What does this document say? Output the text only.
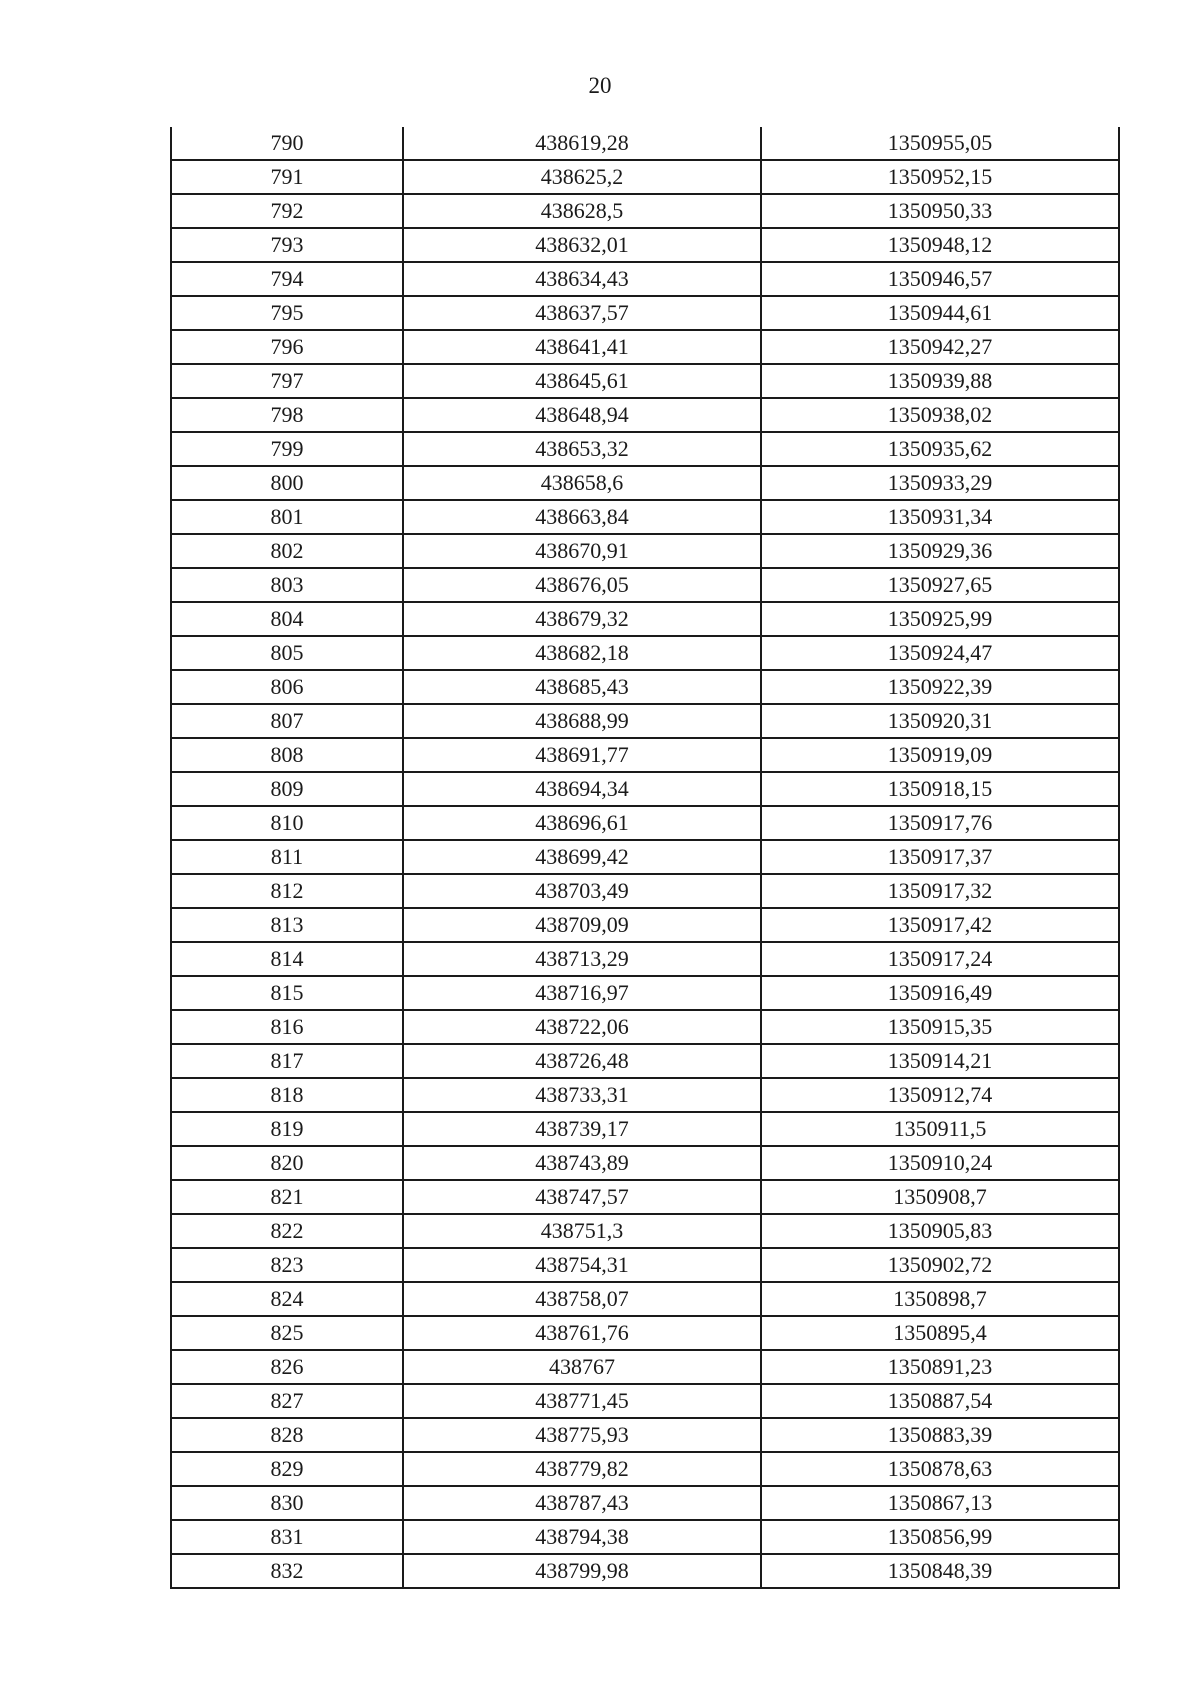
20
790	438619,28	1350955,05
791	438625,2	1350952,15
792	438628,5	1350950,33
793	438632,01	1350948,12
794	438634,43	1350946,57
795	438637,57	1350944,61
796	438641,41	1350942,27
797	438645,61	1350939,88
798	438648,94	1350938,02
799	438653,32	1350935,62
800	438658,6	1350933,29
801	438663,84	1350931,34
802	438670,91	1350929,36
803	438676,05	1350927,65
804	438679,32	1350925,99
805	438682,18	1350924,47
806	438685,43	1350922,39
807	438688,99	1350920,31
808	438691,77	1350919,09
809	438694,34	1350918,15
810	438696,61	1350917,76
811	438699,42	1350917,37
812	438703,49	1350917,32
813	438709,09	1350917,42
814	438713,29	1350917,24
815	438716,97	1350916,49
816	438722,06	1350915,35
817	438726,48	1350914,21
818	438733,31	1350912,74
819	438739,17	1350911,5
820	438743,89	1350910,24
821	438747,57	1350908,7
822	438751,3	1350905,83
823	438754,31	1350902,72
824	438758,07	1350898,7
825	438761,76	1350895,4
826	438767	1350891,23
827	438771,45	1350887,54
828	438775,93	1350883,39
829	438779,82	1350878,63
830	438787,43	1350867,13
831	438794,38	1350856,99
832	438799,98	1350848,39
